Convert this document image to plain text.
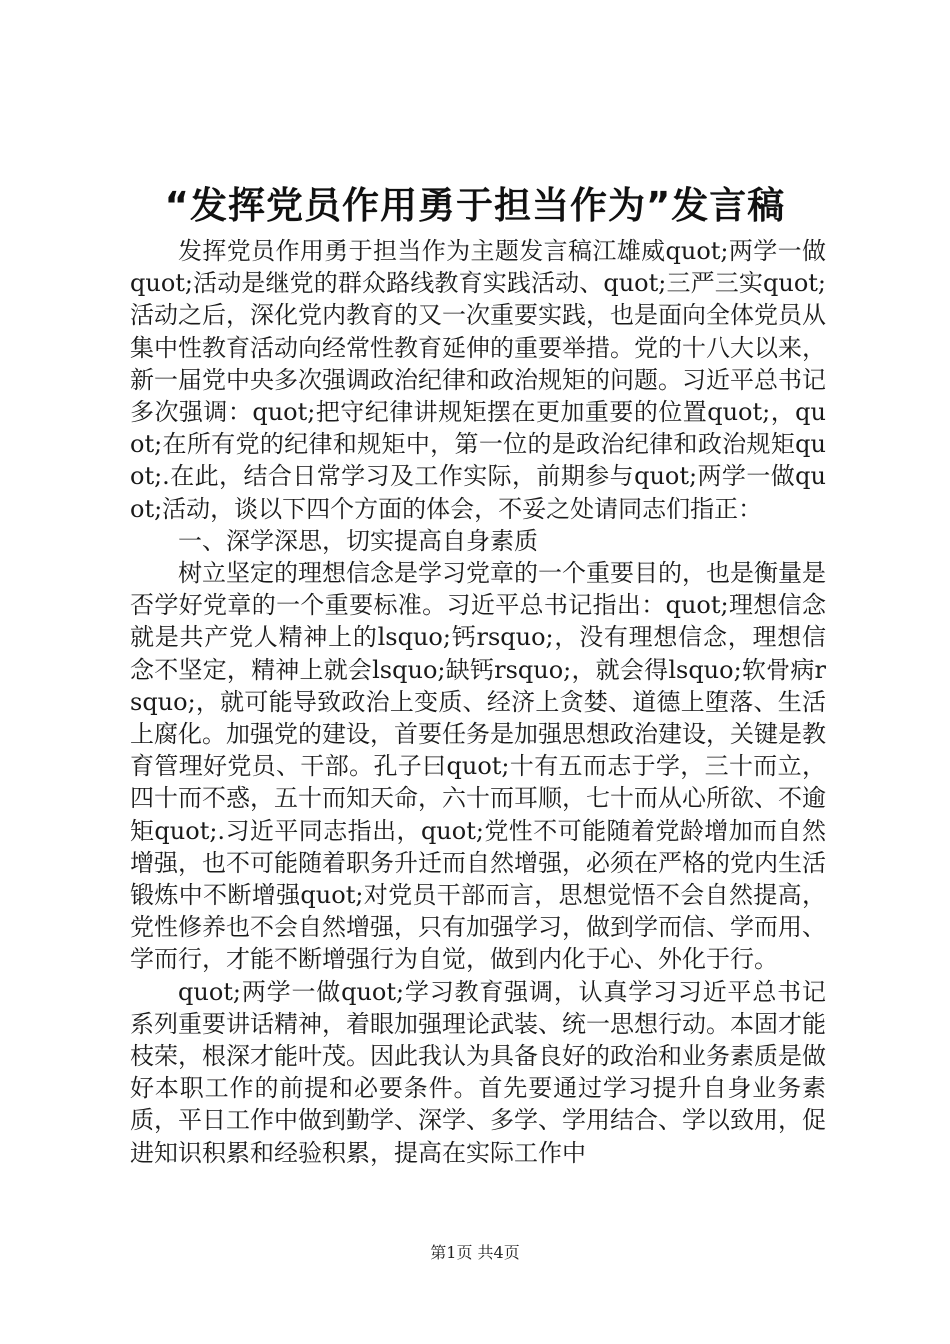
“发挥党员作用勇于担当作为”发言稿

发挥党员作用勇于担当作为主题发言稿江雄威quot;两学一做quot;活动是继党的群众路线教育实践活动、quot;三严三实quot;活动之后，深化党内教育的又一次重要实践，也是面向全体党员从集中性教育活动向经常性教育延伸的重要举措。党的十八大以来，新一届党中央多次强调政治纪律和政治规矩的问题。习近平总书记多次强调：quot;把守纪律讲规矩摆在更加重要的位置quot;，quot;在所有党的纪律和规矩中，第一位的是政治纪律和政治规矩quot;.在此，结合日常学习及工作实际，前期参与quot;两学一做quot;活动，谈以下四个方面的体会，不妥之处请同志们指正：

一、深学深思，切实提高自身素质

树立坚定的理想信念是学习党章的一个重要目的，也是衡量是否学好党章的一个重要标准。习近平总书记指出：quot;理想信念就是共产党人精神上的lsquo;钙rsquo;，没有理想信念，理想信念不坚定，精神上就会lsquo;缺钙rsquo;，就会得lsquo;软骨病rsquo;，就可能导致政治上变质、经济上贪婪、道德上堕落、生活上腐化。加强党的建设，首要任务是加强思想政治建设，关键是教育管理好党员、干部。孔子曰quot;十有五而志于学，三十而立，四十而不惑，五十而知天命，六十而耳顺，七十而从心所欲、不逾矩quot;.习近平同志指出，quot;党性不可能随着党龄增加而自然增强，也不可能随着职务升迁而自然增强，必须在严格的党内生活锻炼中不断增强quot;对党员干部而言，思想觉悟不会自然提高，党性修养也不会自然增强，只有加强学习，做到学而信、学而用、学而行，才能不断增强行为自觉，做到内化于心、外化于行。

quot;两学一做quot;学习教育强调，认真学习习近平总书记系列重要讲话精神，着眼加强理论武装、统一思想行动。本固才能枝荣，根深才能叶茂。因此我认为具备良好的政治和业务素质是做好本职工作的前提和必要条件。首先要通过学习提升自身业务素质，平日工作中做到勤学、深学、多学、学用结合、学以致用，促进知识积累和经验积累，提高在实际工作中

第1页 共4页
